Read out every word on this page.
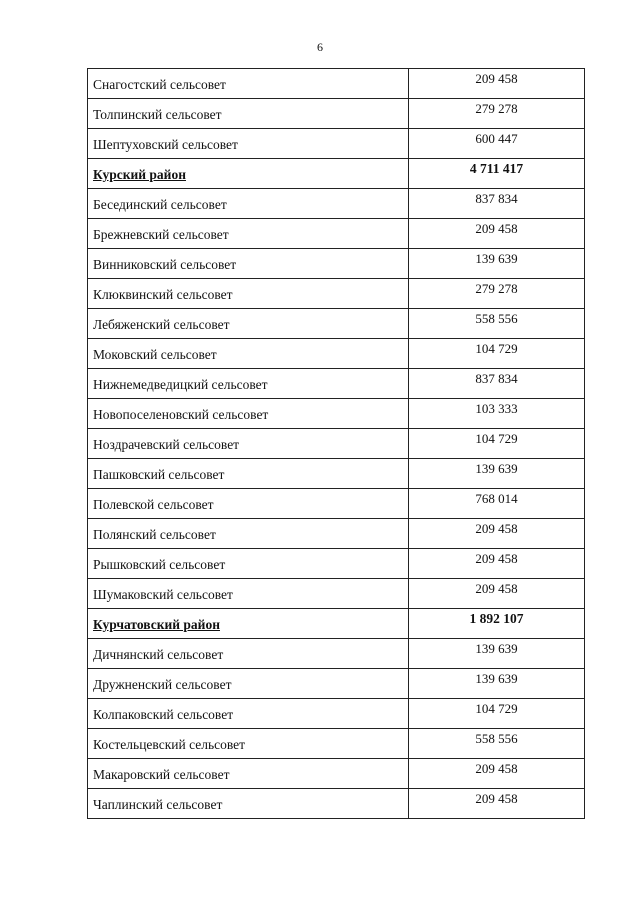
6
Снагостский сельсовет	209 458
Толпинский сельсовет	279 278
Шептуховский сельсовет	600 447
Курский район	4 711 417
Бесединский сельсовет	837 834
Брежневский сельсовет	209 458
Винниковский сельсовет	139 639
Клюквинский сельсовет	279 278
Лебяженский сельсовет	558 556
Моковский сельсовет	104 729
Нижнемедведицкий сельсовет	837 834
Новопоселеновский сельсовет	103 333
Ноздрачевский сельсовет	104 729
Пашковский сельсовет	139 639
Полевской сельсовет	768 014
Полянский сельсовет	209 458
Рышковский сельсовет	209 458
Шумаковский сельсовет	209 458
Курчатовский район	1 892 107
Дичнянский сельсовет	139 639
Дружненский сельсовет	139 639
Колпаковский сельсовет	104 729
Костельцевский сельсовет	558 556
Макаровский сельсовет	209 458
Чаплинский сельсовет	209 458
